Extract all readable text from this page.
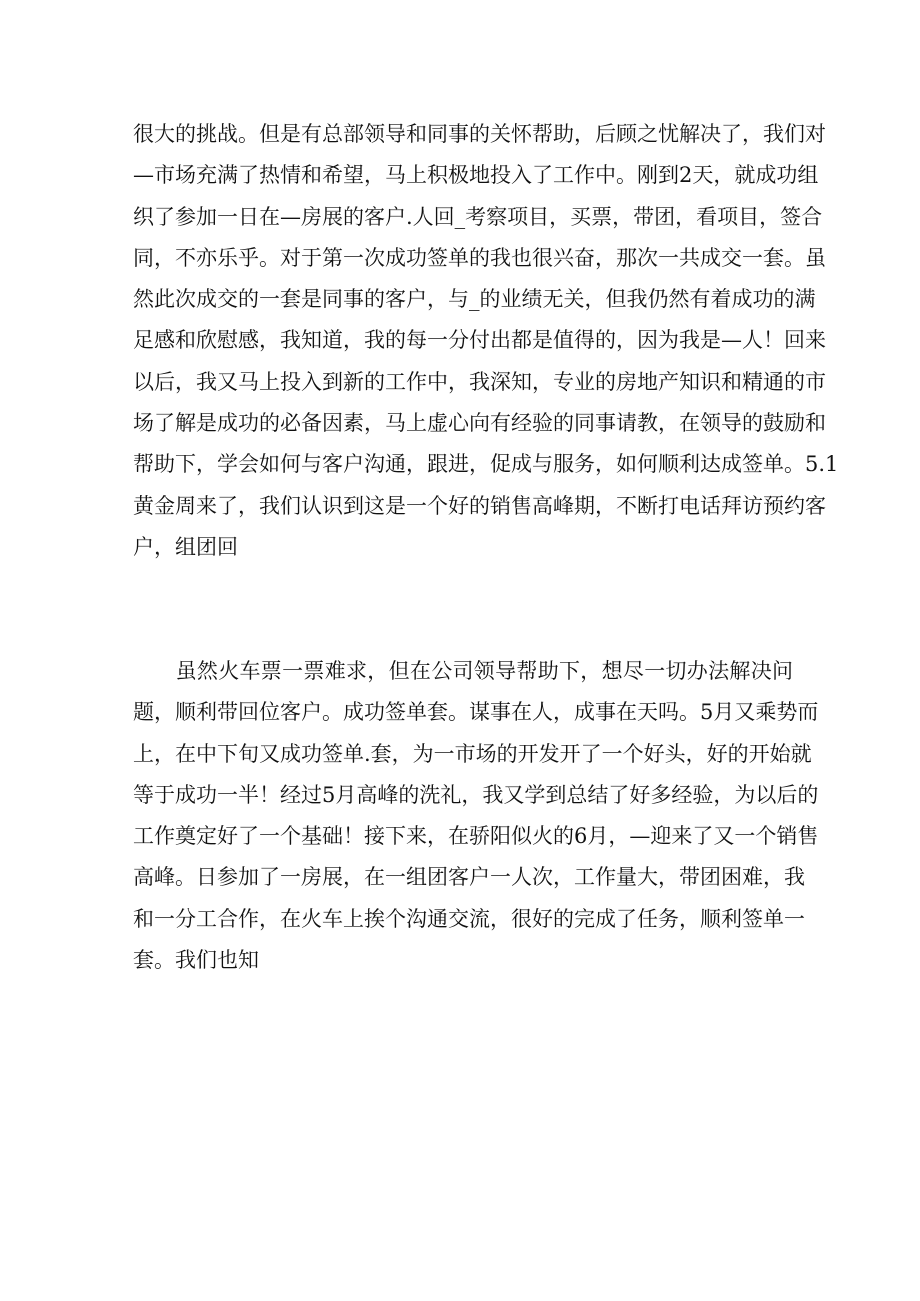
很大的挑战。但是有总部领导和同事的关怀帮助，后顾之忧解决了，我们对
—市场充满了热情和希望，马上积极地投入了工作中。刚到2天，就成功组
织了参加一日在—房展的客户.人回_考察项目，买票，带团，看项目，签合
同，不亦乐乎。对于第一次成功签单的我也很兴奋，那次一共成交一套。虽
然此次成交的一套是同事的客户，与_的业绩无关，但我仍然有着成功的满
足感和欣慰感，我知道，我的每一分付出都是值得的，因为我是—人！回来
以后，我又马上投入到新的工作中，我深知，专业的房地产知识和精通的市
场了解是成功的必备因素，马上虚心向有经验的同事请教，在领导的鼓励和
帮助下，学会如何与客户沟通，跟进，促成与服务，如何顺利达成签单。5.1
黄金周来了，我们认识到这是一个好的销售高峰期，不断打电话拜访预约客
户，组团回
　　虽然火车票一票难求，但在公司领导帮助下，想尽一切办法解决问
题，顺利带回位客户。成功签单套。谋事在人，成事在天吗。5月又乘势而
上，在中下旬又成功签单.套，为一市场的开发开了一个好头，好的开始就
等于成功一半！经过5月高峰的洗礼，我又学到总结了好多经验，为以后的
工作奠定好了一个基础！接下来，在骄阳似火的6月，—迎来了又一个销售
高峰。日参加了一房展，在一组团客户一人次，工作量大，带团困难，我
和一分工合作，在火车上挨个沟通交流，很好的完成了任务，顺利签单一
套。我们也知
